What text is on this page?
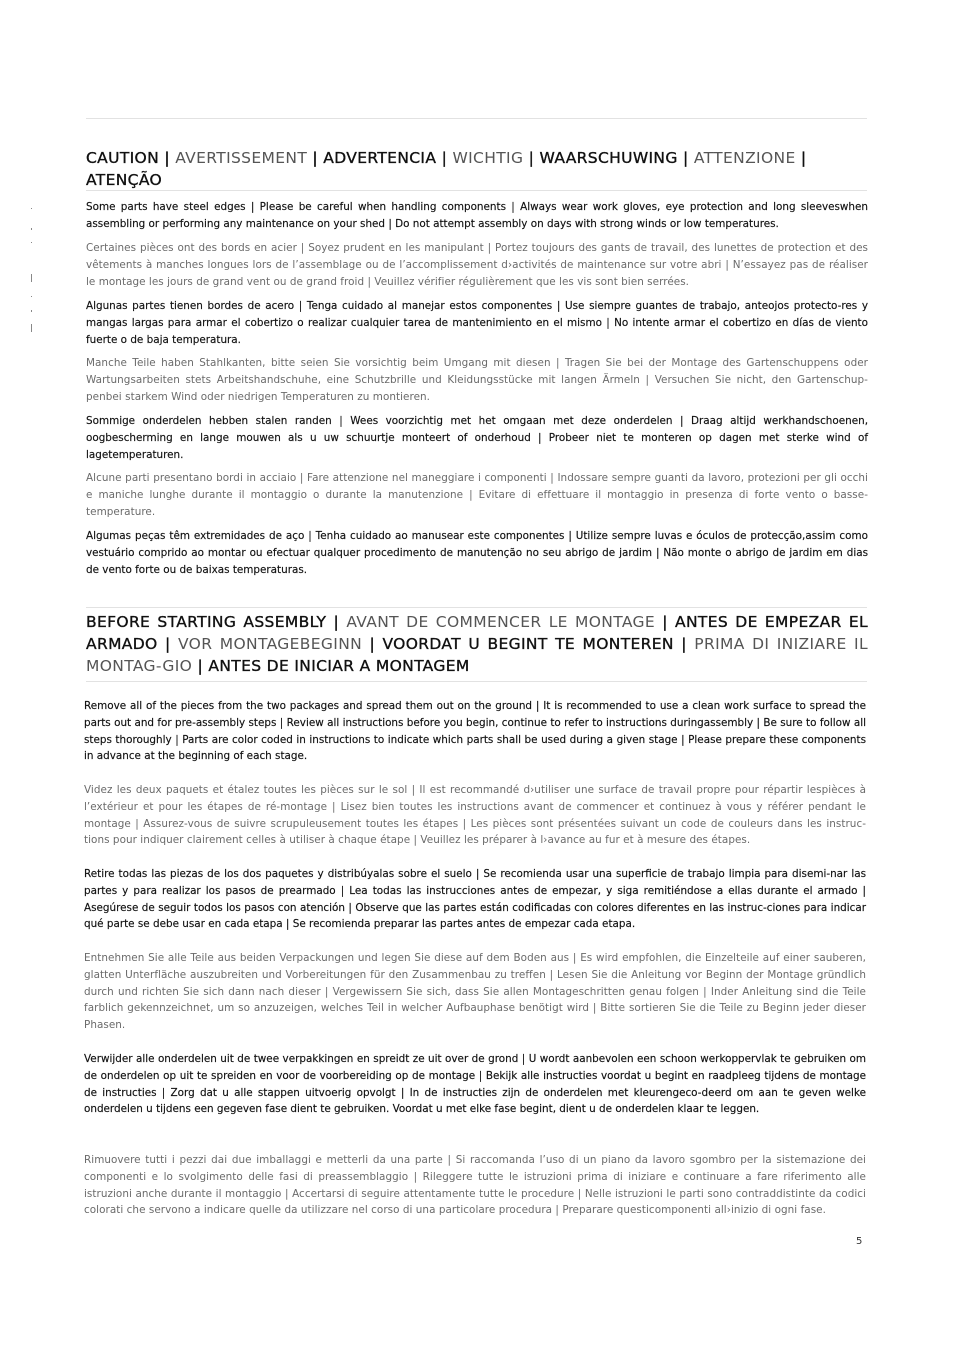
CAUTION | AVERTISSEMENT | ADVERTENCIA | WICHTIG | WAARSCHUWING | ATTENZIONE | ATENÇÃO
Some parts have steel edges | Please be careful when handling components | Always wear work gloves, eye protection and long sleeveswhen assembling or performing any maintenance on your shed | Do not attempt assembly on days with strong winds or low temperatures.
Certaines pièces ont des bords en acier | Soyez prudent en les manipulant | Portez toujours des gants de travail, des lunettes de protection et des vêtements à manches longues lors de l’assemblage ou de l’accomplissement d›activités de maintenance sur votre abri | N’essayez pas de réaliser le montage les jours de grand vent ou de grand froid | Veuillez vérifier régulièrement que les vis sont bien serrées.
Algunas partes tienen bordes de acero | Tenga cuidado al manejar estos componentes | Use siempre guantes de trabajo, anteojos protecto-res y mangas largas para armar el cobertizo o realizar cualquier tarea de mantenimiento en el mismo | No intente armar el cobertizo en días de viento fuerte o de baja temperatura.
Manche Teile haben Stahlkanten, bitte seien Sie vorsichtig beim Umgang mit diesen | Tragen Sie bei der Montage des Gartenschuppens oder Wartungsarbeiten stets Arbeitshandschuhe, eine Schutzbrille und Kleidungsstücke mit langen Ärmeln | Versuchen Sie nicht, den Gartenschup-penbei starkem Wind oder niedrigen Temperaturen zu montieren.
Sommige onderdelen hebben stalen randen | Wees voorzichtig met het omgaan met deze onderdelen | Draag altijd werkhandschoenen, oogbescherming en lange mouwen als u uw schuurtje monteert of onderhoud | Probeer niet te monteren op dagen met sterke wind of lagetemperaturen.
Alcune parti presentano bordi in acciaio | Fare attenzione nel maneggiare i componenti | Indossare sempre guanti da lavoro, protezioni per gli occhi e maniche lunghe durante il montaggio o durante la manutenzione | Evitare di effettuare il montaggio in presenza di forte vento o basse-temperature.
Algumas peças têm extremidades de aço | Tenha cuidado ao manusear este componentes | Utilize sempre luvas e óculos de protecção,assim como vestuário comprido ao montar ou efectuar qualquer procedimento de manutenção no seu abrigo de jardim | Não monte o abrigo de jardim em dias de vento forte ou de baixas temperaturas.
BEFORE STARTING ASSEMBLY | AVANT DE COMMENCER LE MONTAGE | ANTES DE EMPEZAR EL ARMADO | VOR MONTAGEBEGINN | VOORDAT U BEGINT TE MONTEREN | PRIMA DI INIZIARE IL MONTAG-GIO | ANTES DE INICIAR A MONTAGEM
Remove all of the pieces from the two packages and spread them out on the ground | It is recommended to use a clean work surface to spread the parts out and for pre-assembly steps | Review all instructions before you begin, continue to refer to instructions duringassembly | Be sure to follow all steps thoroughly | Parts are color coded in instructions to indicate which parts shall be used during a given stage | Please prepare these components in advance at the beginning of each stage.
Videz les deux paquets et étalez toutes les pièces sur le sol | Il est recommandé d›utiliser une surface de travail propre pour répartir lespièces à l’extérieur et pour les étapes de ré-montage | Lisez bien toutes les instructions avant de commencer et continuez à vous y référer pendant le montage | Assurez-vous de suivre scrupuleusement toutes les étapes | Les pièces sont présentées suivant un code de couleurs dans les instruc-tions pour indiquer clairement celles à utiliser à chaque étape | Veuillez les préparer à l›avance au fur et à mesure des étapes.
Retire todas las piezas de los dos paquetes y distribúyalas sobre el suelo | Se recomienda usar una superficie de trabajo limpia para disemi-nar las partes y para realizar los pasos de prearmado | Lea todas las instrucciones antes de empezar, y siga remitiéndose a ellas durante el armado | Asegúrese de seguir todos los pasos con atención | Observe que las partes están codificadas con colores diferentes en las instruc-ciones para indicar qué parte se debe usar en cada etapa | Se recomienda preparar las partes antes de empezar cada etapa.
Entnehmen Sie alle Teile aus beiden Verpackungen und legen Sie diese auf dem Boden aus | Es wird empfohlen, die Einzelteile auf einer sauberen, glatten Unterfläche auszubreiten und Vorbereitungen für den Zusammenbau zu treffen | Lesen Sie die Anleitung vor Beginn der Montage gründlich durch und richten Sie sich dann nach dieser | Vergewissern Sie sich, dass Sie allen Montageschritten genau folgen | Inder Anleitung sind die Teile farblich gekennzeichnet, um so anzuzeigen, welches Teil in welcher Aufbauphase benötigt wird | Bitte sortieren Sie die Teile zu Beginn jeder dieser Phasen.
Verwijder alle onderdelen uit de twee verpakkingen en spreidt ze uit over de grond | U wordt aanbevolen een schoon werkoppervlak te gebruiken om de onderdelen op uit te spreiden en voor de voorbereiding op de montage | Bekijk alle instructies voordat u begint en raadpleeg tijdens de montage de instructies | Zorg dat u alle stappen uitvoerig opvolgt | In de instructies zijn de onderdelen met kleurengeco-deerd om aan te geven welke onderdelen u tijdens een gegeven fase dient te gebruiken. Voordat u met elke fase begint, dient u de onderdelen klaar te leggen.
Rimuovere tutti i pezzi dai due imballaggi e metterli da una parte | Si raccomanda l’uso di un piano da lavoro sgombro per la sistemazione dei componenti e lo svolgimento delle fasi di preassemblaggio | Rileggere tutte le istruzioni prima di iniziare e continuare a fare riferimento alle istruzioni anche durante il montaggio | Accertarsi di seguire attentamente tutte le procedure | Nelle istruzioni le parti sono contraddistinte da codici colorati che servono a indicare quelle da utilizzare nel corso di una particolare procedura | Preparare questicomponenti all›inizio di ogni fase.
5
